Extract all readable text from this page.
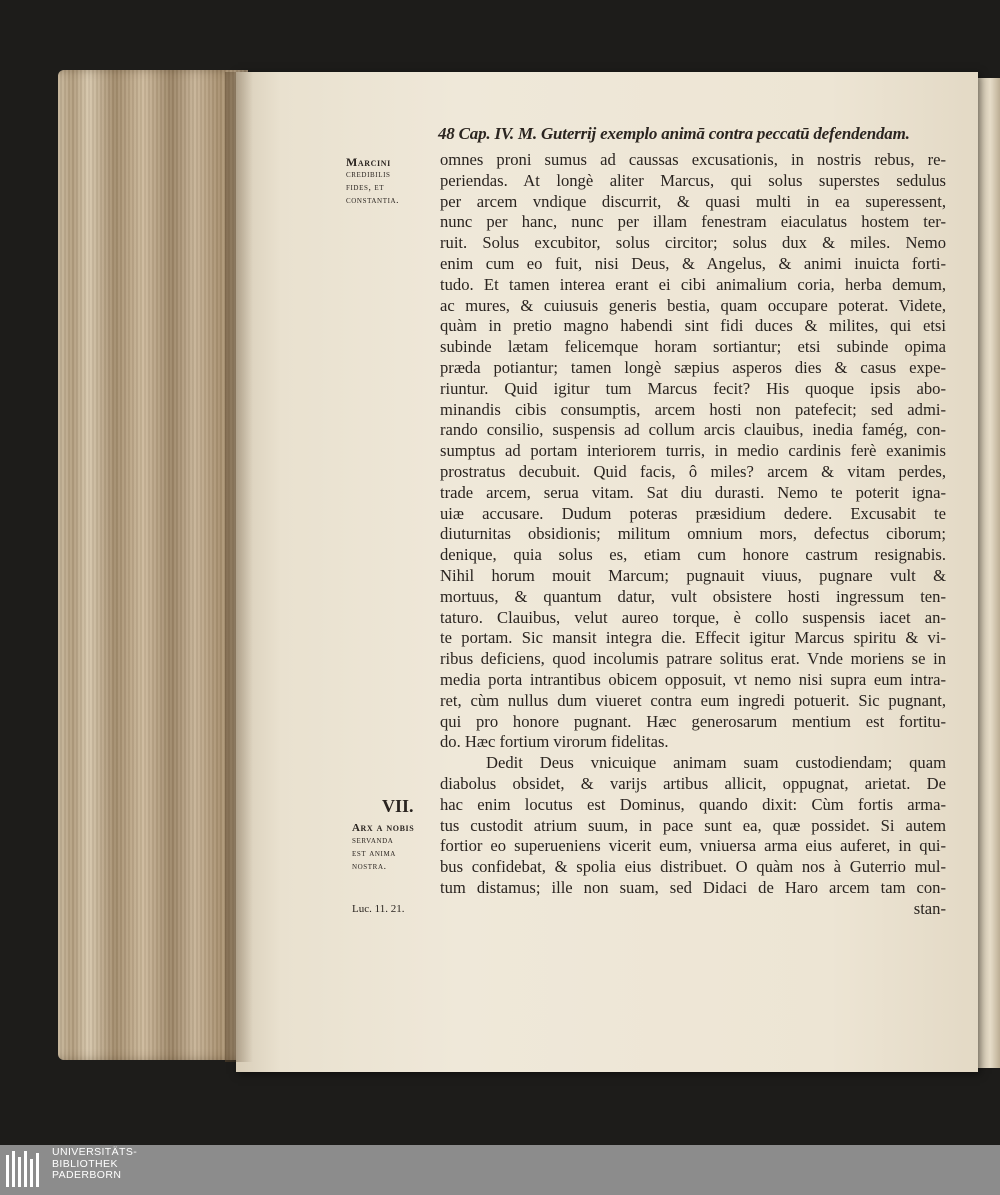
48 Cap. IV. M. Guterrij exemplo animā contra peccatū defendendam.
Marcini
credibilis
fides, et
constantia.
VII.
Arx a nobis
servanda
est anima
nostra.
Luc. 11. 21.
omnes proni sumus ad caussas excusationis, in nostris rebus, re-
periendas. At longè aliter Marcus, qui solus superstes sedulus
per arcem vndique discurrit, & quasi multi in ea superessent,
nunc per hanc, nunc per illam fenestram eiaculatus hostem ter-
ruit. Solus excubitor, solus circitor; solus dux & miles. Nemo
enim cum eo fuit, nisi Deus, & Angelus, & animi inuicta forti-
tudo. Et tamen interea erant ei cibi animalium coria, herba demum,
ac mures, & cuiusuis generis bestia, quam occupare poterat. Videte,
quàm in pretio magno habendi sint fidi duces & milites, qui etsi
subinde lætam felicemque horam sortiantur; etsi subinde opima
præda potiantur; tamen longè sæpius asperos dies & casus expe-
riuntur. Quid igitur tum Marcus fecit? His quoque ipsis abo-
minandis cibis consumptis, arcem hosti non patefecit; sed admi-
rando consilio, suspensis ad collum arcis clauibus, inedia famég, con-
sumptus ad portam interiorem turris, in medio cardinis ferè exanimis
prostratus decubuit. Quid facis, ô miles? arcem & vitam perdes,
trade arcem, serua vitam. Sat diu durasti. Nemo te poterit igna-
uiæ accusare. Dudum poteras præsidium dedere. Excusabit te
diuturnitas obsidionis; militum omnium mors, defectus ciborum;
denique, quia solus es, etiam cum honore castrum resignabis.
Nihil horum mouit Marcum; pugnauit viuus, pugnare vult &
mortuus, & quantum datur, vult obsistere hosti ingressum ten-
taturo. Clauibus, velut aureo torque, è collo suspensis iacet an-
te portam. Sic mansit integra die. Effecit igitur Marcus spiritu & vi-
ribus deficiens, quod incolumis patrare solitus erat. Vnde moriens se in
media porta intrantibus obicem opposuit, vt nemo nisi supra eum intra-
ret, cùm nullus dum viueret contra eum ingredi potuerit. Sic pugnant,
qui pro honore pugnant. Hæc generosarum mentium est fortitu-
do. Hæc fortium virorum fidelitas.
Dedit Deus vnicuique animam suam custodiendam; quam
diabolus obsidet, & varijs artibus allicit, oppugnat, arietat. De
hac enim locutus est Dominus, quando dixit: Cùm fortis arma-
tus custodit atrium suum, in pace sunt ea, quæ possidet. Si autem
fortior eo superueniens vicerit eum, vniuersa arma eius auferet, in qui-
bus confidebat, & spolia eius distribuet. O quàm nos à Guterrio mul-
tum distamus; ille non suam, sed Didaci de Haro arcem tam con-
stan-
UNIVERSITÄTS-
BIBLIOTHEK
PADERBORN
